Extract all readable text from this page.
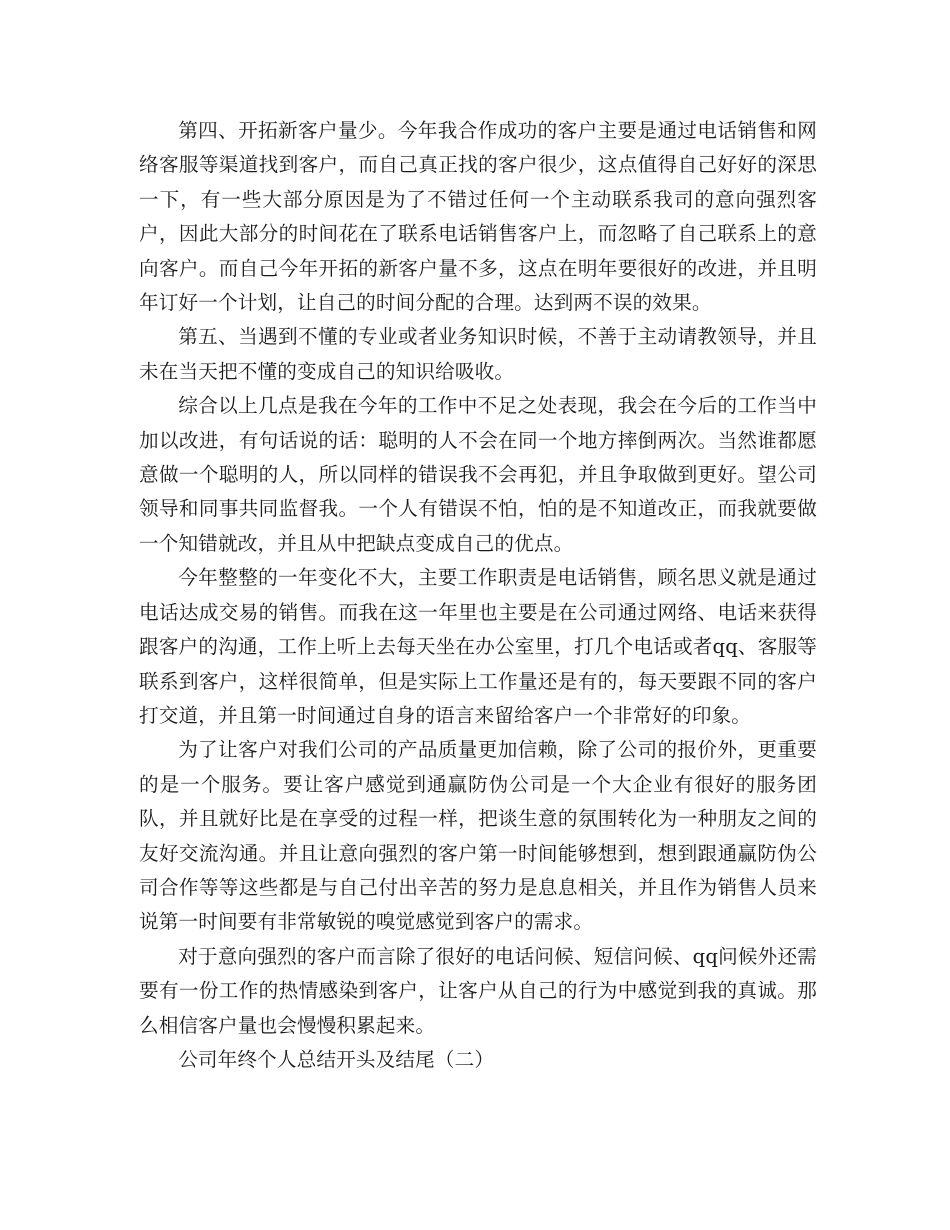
第四、开拓新客户量少。今年我合作成功的客户主要是通过电话销售和网络客服等渠道找到客户，而自己真正找的客户很少，这点值得自己好好的深思一下，有一些大部分原因是为了不错过任何一个主动联系我司的意向强烈客户，因此大部分的时间花在了联系电话销售客户上，而忽略了自己联系上的意向客户。而自己今年开拓的新客户量不多，这点在明年要很好的改进，并且明年订好一个计划，让自己的时间分配的合理。达到两不误的效果。

第五、当遇到不懂的专业或者业务知识时候，不善于主动请教领导，并且未在当天把不懂的变成自己的知识给吸收。

综合以上几点是我在今年的工作中不足之处表现，我会在今后的工作当中加以改进，有句话说的话：聪明的人不会在同一个地方摔倒两次。当然谁都愿意做一个聪明的人，所以同样的错误我不会再犯，并且争取做到更好。望公司领导和同事共同监督我。一个人有错误不怕，怕的是不知道改正，而我就要做一个知错就改，并且从中把缺点变成自己的优点。

今年整整的一年变化不大，主要工作职责是电话销售，顾名思义就是通过电话达成交易的销售。而我在这一年里也主要是在公司通过网络、电话来获得跟客户的沟通，工作上听上去每天坐在办公室里，打几个电话或者qq、客服等联系到客户，这样很简单，但是实际上工作量还是有的，每天要跟不同的客户打交道，并且第一时间通过自身的语言来留给客户一个非常好的印象。

为了让客户对我们公司的产品质量更加信赖，除了公司的报价外，更重要的是一个服务。要让客户感觉到通赢防伪公司是一个大企业有很好的服务团队，并且就好比是在享受的过程一样，把谈生意的氛围转化为一种朋友之间的友好交流沟通。并且让意向强烈的客户第一时间能够想到，想到跟通赢防伪公司合作等等这些都是与自己付出辛苦的努力是息息相关，并且作为销售人员来说第一时间要有非常敏锐的嗅觉感觉到客户的需求。

对于意向强烈的客户而言除了很好的电话问候、短信问候、qq问候外还需要有一份工作的热情感染到客户，让客户从自己的行为中感觉到我的真诚。那么相信客户量也会慢慢积累起来。

公司年终个人总结开头及结尾（二）
